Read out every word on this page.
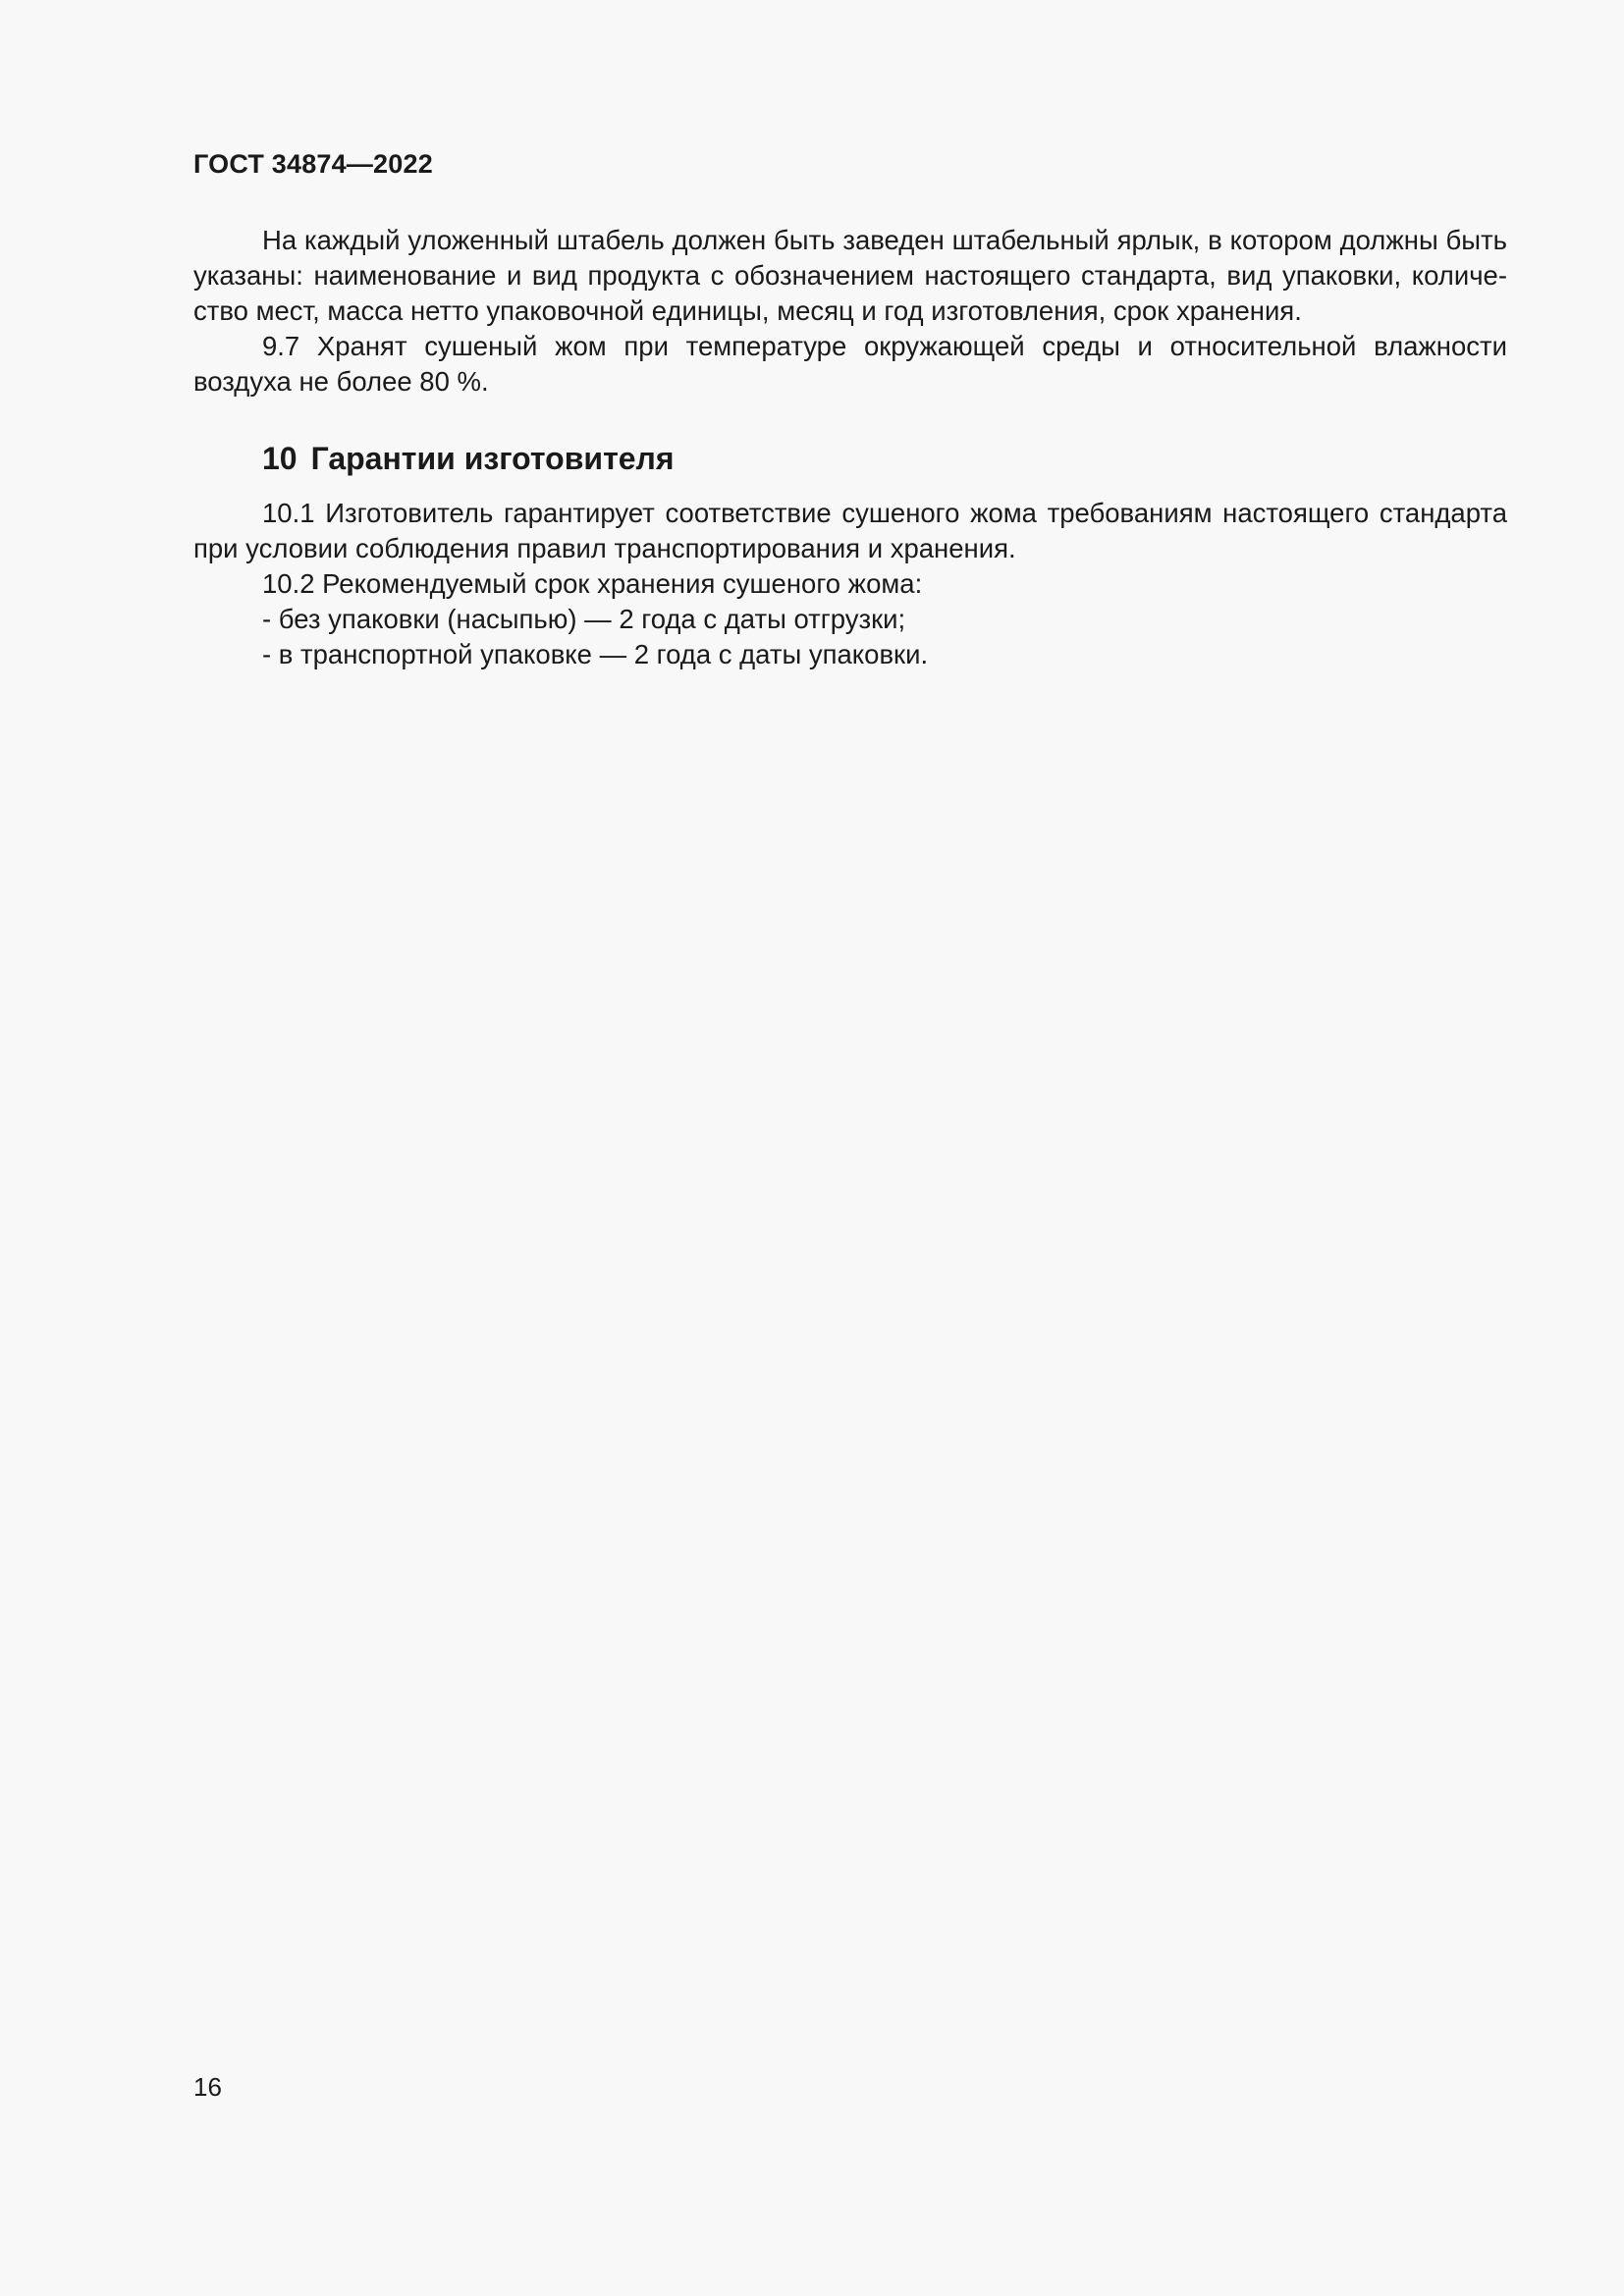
ГОСТ 34874—2022

На каждый уложенный штабель должен быть заведен штабельный ярлык, в котором должны быть указаны: наименование и вид продукта с обозначением настоящего стандарта, вид упаковки, количество мест, масса нетто упаковочной единицы, месяц и год изготовления, срок хранения.

9.7 Хранят сушеный жом при температуре окружающей среды и относительной влажности воздуха не более 80 %.

10 Гарантии изготовителя

10.1 Изготовитель гарантирует соответствие сушеного жома требованиям настоящего стандарта при условии соблюдения правил транспортирования и хранения.

10.2 Рекомендуемый срок хранения сушеного жома:

- без упаковки (насыпью) — 2 года с даты отгрузки;

- в транспортной упаковке — 2 года с даты упаковки.

16
